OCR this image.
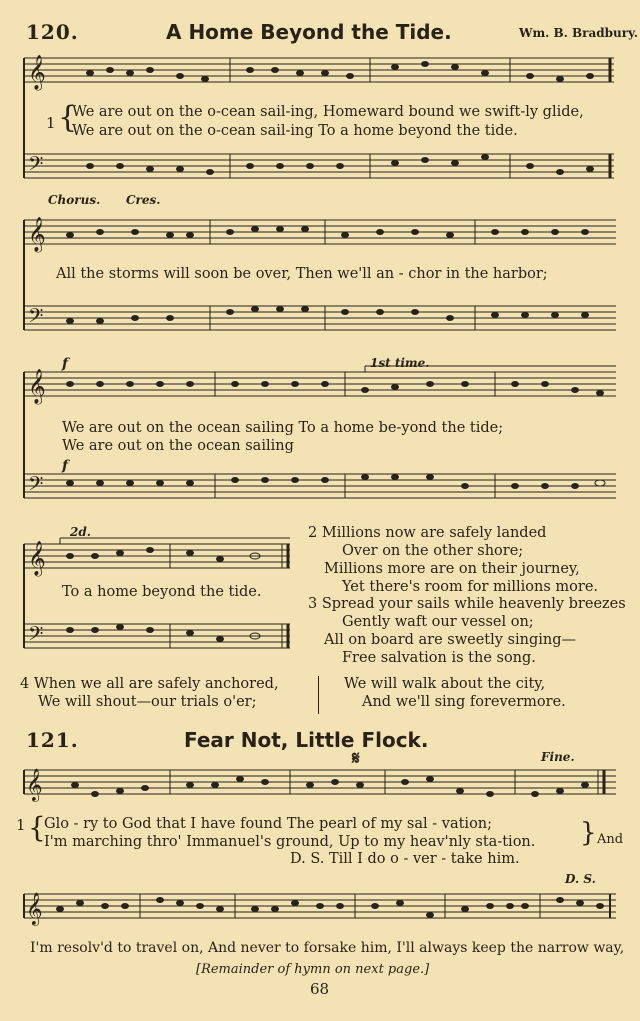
120.	A Home Beyond the Tide.	Wm. B. Bradbury.
𝄞
𝄢
1 {
We are out on the o-cean sail-ing, Homeward bound we swift-ly glide,
We are out on the o-cean sail-ing To a home beyond the tide.
Chorus. Cres.
𝄞
𝄢
All the storms will soon be over, Then we'll an - chor in the harbor;
f	1st time.
𝄞
𝄢
We are out on the ocean sailing To a home be-yond the tide;
We are out on the ocean sailing
f
2d.
𝄞
𝄢
To a home beyond the tide.
2 Millions now are safely landed
Over on the other shore;
Millions more are on their journey,
Yet there's room for millions more.
3 Spread your sails while heavenly breezes
Gently waft our vessel on;
All on board are sweetly singing—
Free salvation is the song.
4 When we all are safely anchored,
We will shout—our trials o'er;
We will walk about the city,
And we'll sing forevermore.
121.	Fear Not, Little Flock.
𝄋	Fine.
𝄞
1 {
Glo - ry to God that I have found The pearl of my sal - vation;
I'm marching thro' Immanuel's ground, Up to my heav'nly sta-tion. } And
D. S. Till I do o - ver - take him.
D. S.
𝄞
I'm resolv'd to travel on, And never to forsake him, I'll always keep the narrow way,
[Remainder of hymn on next page.]
68
